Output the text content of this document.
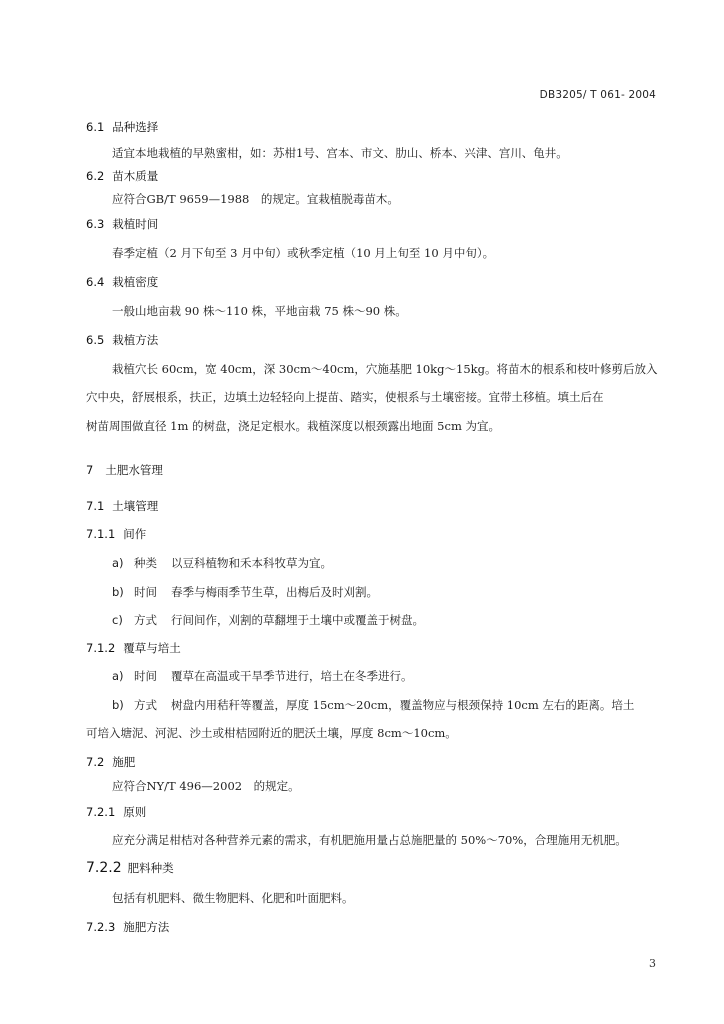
DB3205/ T 061- 2004
6.1 品种选择
适宜本地栽植的早熟蜜柑，如：苏柑1号、宫本、市文、肋山、桥本、兴津、宫川、龟井。
6.2 苗木质量
应符合GB/T 9659—1988　的规定。宜栽植脱毒苗木。
6.3 栽植时间
春季定植（2 月下旬至 3 月中旬）或秋季定植（10 月上旬至 10 月中旬）。
6.4 栽植密度
一般山地亩栽 90 株～110 株，平地亩栽 75 株～90 株。
6.5 栽植方法
栽植穴长 60cm，宽 40cm，深 30cm～40cm，穴施基肥 10kg～15kg。将苗木的根系和枝叶修剪后放入
穴中央，舒展根系，扶正，边填土边轻轻向上提苗、踏实，使根系与土壤密接。宜带土移植。填土后在
树苗周围做直径 1m 的树盘，浇足定根水。栽植深度以根颈露出地面 5cm 为宜。
7 土肥水管理
7.1 土壤管理
7.1.1 间作
a) 种类 以豆科植物和禾本科牧草为宜。
b) 时间 春季与梅雨季节生草，出梅后及时刈割。
c) 方式 行间间作，刈割的草翻埋于土壤中或覆盖于树盘。
7.1.2 覆草与培土
a) 时间 覆草在高温或干旱季节进行，培土在冬季进行。
b) 方式 树盘内用秸秆等覆盖，厚度 15cm～20cm，覆盖物应与根颈保持 10cm 左右的距离。培土
可培入塘泥、河泥、沙土或柑桔园附近的肥沃土壤，厚度 8cm～10cm。
7.2 施肥
应符合NY/T 496—2002　的规定。
7.2.1 原则
应充分满足柑桔对各种营养元素的需求，有机肥施用量占总施肥量的 50%～70%，合理施用无机肥。
7.2.2 肥料种类
包括有机肥料、微生物肥料、化肥和叶面肥料。
7.2.3 施肥方法
3
